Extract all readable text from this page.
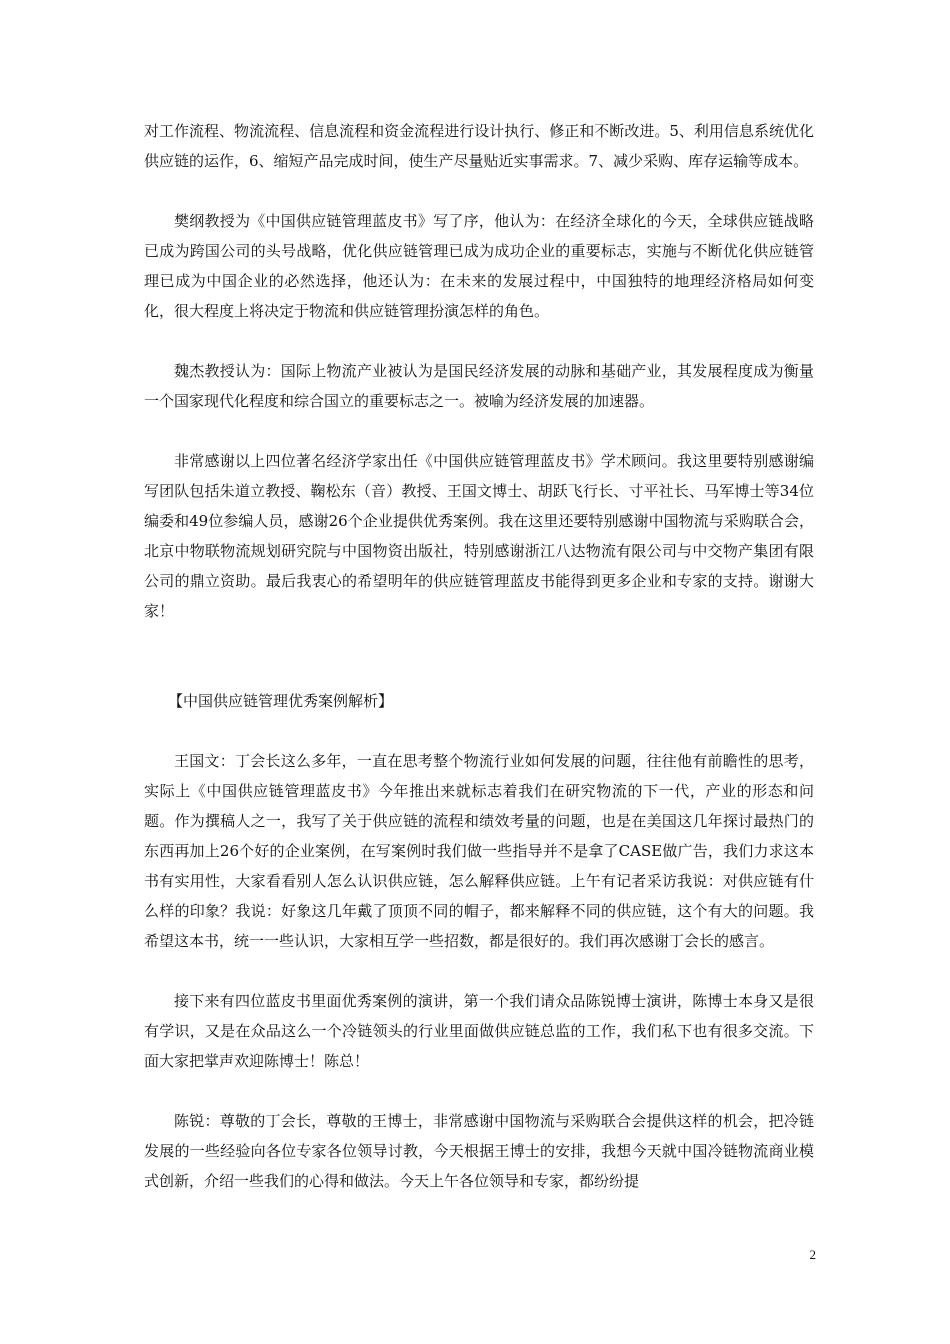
对工作流程、物流流程、信息流程和资金流程进行设计执行、修正和不断改进。5、利用信息系统优化供应链的运作，6、缩短产品完成时间，使生产尽量贴近实事需求。7、减少采购、库存运输等成本。

樊纲教授为《中国供应链管理蓝皮书》写了序，他认为：在经济全球化的今天，全球供应链战略已成为跨国公司的头号战略，优化供应链管理已成为成功企业的重要标志，实施与不断优化供应链管理已成为中国企业的必然选择，他还认为：在未来的发展过程中，中国独特的地理经济格局如何变化，很大程度上将决定于物流和供应链管理扮演怎样的角色。

魏杰教授认为：国际上物流产业被认为是国民经济发展的动脉和基础产业，其发展程度成为衡量一个国家现代化程度和综合国立的重要标志之一。被喻为经济发展的加速器。

非常感谢以上四位著名经济学家出任《中国供应链管理蓝皮书》学术顾问。我这里要特别感谢编写团队包括朱道立教授、鞠松东（音）教授、王国文博士、胡跃飞行长、寸平社长、马军博士等34位编委和49位参编人员，感谢26个企业提供优秀案例。我在这里还要特别感谢中国物流与采购联合会，北京中物联物流规划研究院与中国物资出版社，特别感谢浙江八达物流有限公司与中交物产集团有限公司的鼎立资助。最后我衷心的希望明年的供应链管理蓝皮书能得到更多企业和专家的支持。谢谢大家！

【中国供应链管理优秀案例解析】

王国文：丁会长这么多年，一直在思考整个物流行业如何发展的问题，往往他有前瞻性的思考，实际上《中国供应链管理蓝皮书》今年推出来就标志着我们在研究物流的下一代，产业的形态和问题。作为撰稿人之一，我写了关于供应链的流程和绩效考量的问题，也是在美国这几年探讨最热门的东西再加上26个好的企业案例，在写案例时我们做一些指导并不是拿了CASE做广告，我们力求这本书有实用性，大家看看别人怎么认识供应链，怎么解释供应链。上午有记者采访我说：对供应链有什么样的印象？我说：好象这几年戴了顶顶不同的帽子，都来解释不同的供应链，这个有大的问题。我希望这本书，统一一些认识，大家相互学一些招数，都是很好的。我们再次感谢丁会长的感言。

接下来有四位蓝皮书里面优秀案例的演讲，第一个我们请众品陈锐博士演讲，陈博士本身又是很有学识，又是在众品这么一个冷链领头的行业里面做供应链总监的工作，我们私下也有很多交流。下面大家把掌声欢迎陈博士！陈总！

陈锐：尊敬的丁会长，尊敬的王博士，非常感谢中国物流与采购联合会提供这样的机会，把冷链发展的一些经验向各位专家各位领导讨教，今天根据王博士的安排，我想今天就中国冷链物流商业模式创新，介绍一些我们的心得和做法。今天上午各位领导和专家，都纷纷提

2
